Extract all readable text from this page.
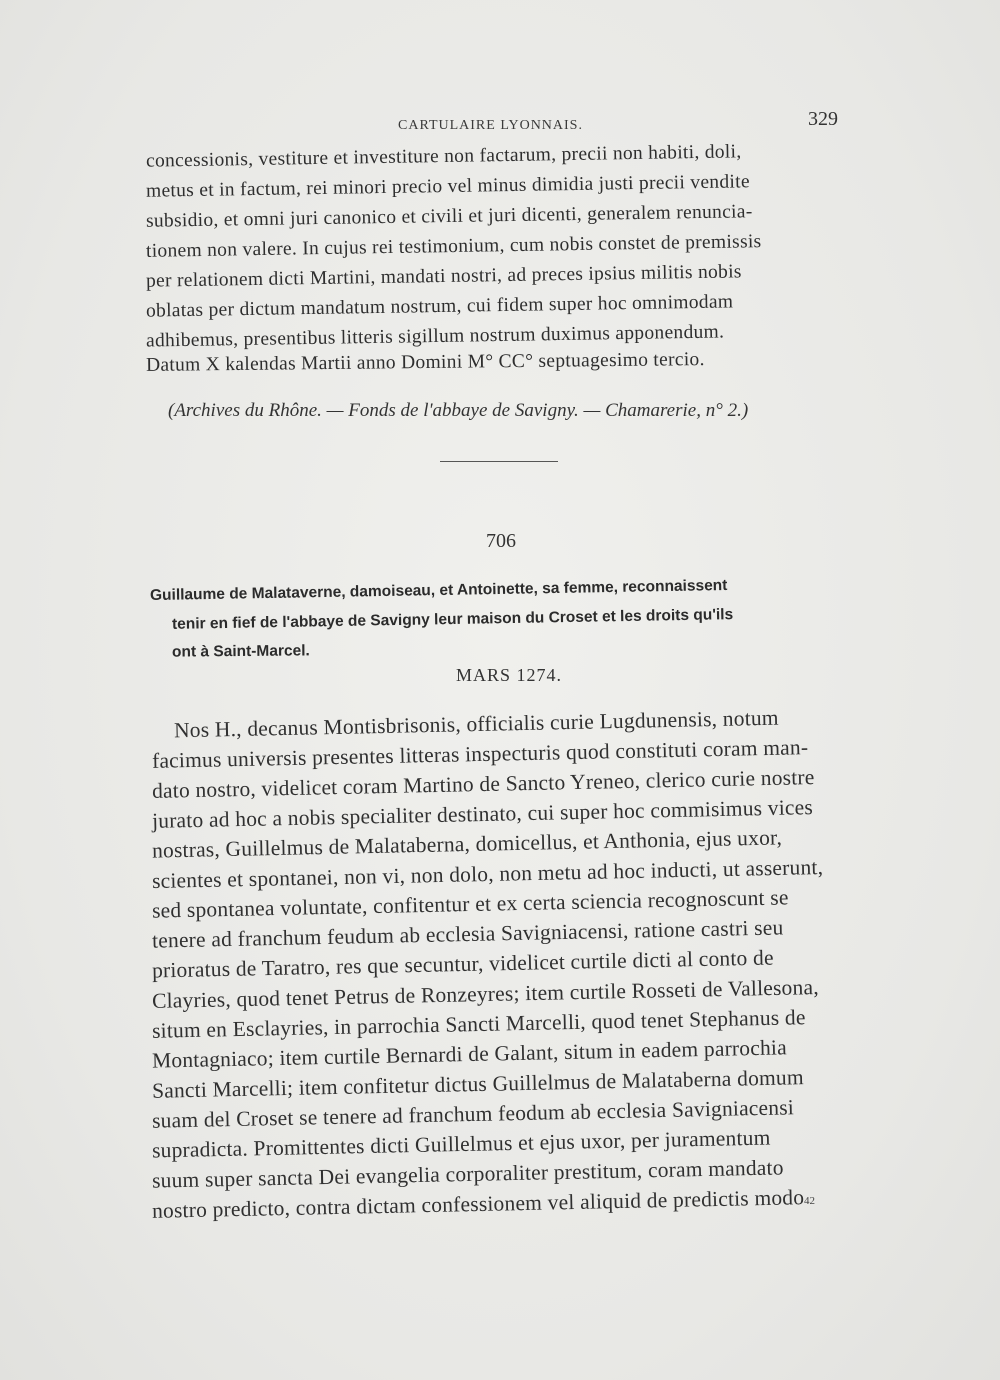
CARTULAIRE LYONNAIS.	329
concessionis, vestiture et investiture non factarum, precii non habiti, doli,
metus et in factum, rei minori precio vel minus dimidia justi precii vendite
subsidio, et omni juri canonico et civili et juri dicenti, generalem renuncia-
tionem non valere. In cujus rei testimonium, cum nobis constet de premissis
per relationem dicti Martini, mandati nostri, ad preces ipsius militis nobis
oblatas per dictum mandatum nostrum, cui fidem super hoc omnimodam
adhibemus, presentibus litteris sigillum nostrum duximus apponendum.
Datum X kalendas Martii anno Domini M° CC° septuagesimo tercio.
(Archives du Rhône. — Fonds de l'abbaye de Savigny. — Chamarerie, n° 2.)
706
Guillaume de Malataverne, damoiseau, et Antoinette, sa femme, reconnaissent
tenir en fief de l'abbaye de Savigny leur maison du Croset et les droits qu'ils
ont à Saint-Marcel.
MARS 1274.
Nos H., decanus Montisbrisonis, officialis curie Lugdunensis, notum
facimus universis presentes litteras inspecturis quod constituti coram man-
dato nostro, videlicet coram Martino de Sancto Yreneo, clerico curie nostre
jurato ad hoc a nobis specialiter destinato, cui super hoc commisimus vices
nostras, Guillelmus de Malataberna, domicellus, et Anthonia, ejus uxor,
scientes et spontanei, non vi, non dolo, non metu ad hoc inducti, ut asserunt,
sed spontanea voluntate, confitentur et ex certa sciencia recognoscunt se
tenere ad franchum feudum ab ecclesia Savigniacensi, ratione castri seu
prioratus de Taratro, res que secuntur, videlicet curtile dicti al conto de
Clayries, quod tenet Petrus de Ronzeyres; item curtile Rosseti de Vallesona,
situm en Esclayries, in parrochia Sancti Marcelli, quod tenet Stephanus de
Montagniaco; item curtile Bernardi de Galant, situm in eadem parrochia
Sancti Marcelli; item confitetur dictus Guillelmus de Malataberna domum
suam del Croset se tenere ad franchum feodum ab ecclesia Savigniacensi
supradicta. Promittentes dicti Guillelmus et ejus uxor, per juramentum
suum super sancta Dei evangelia corporaliter prestitum, coram mandato
nostro predicto, contra dictam confessionem vel aliquid de predictis modo 42
